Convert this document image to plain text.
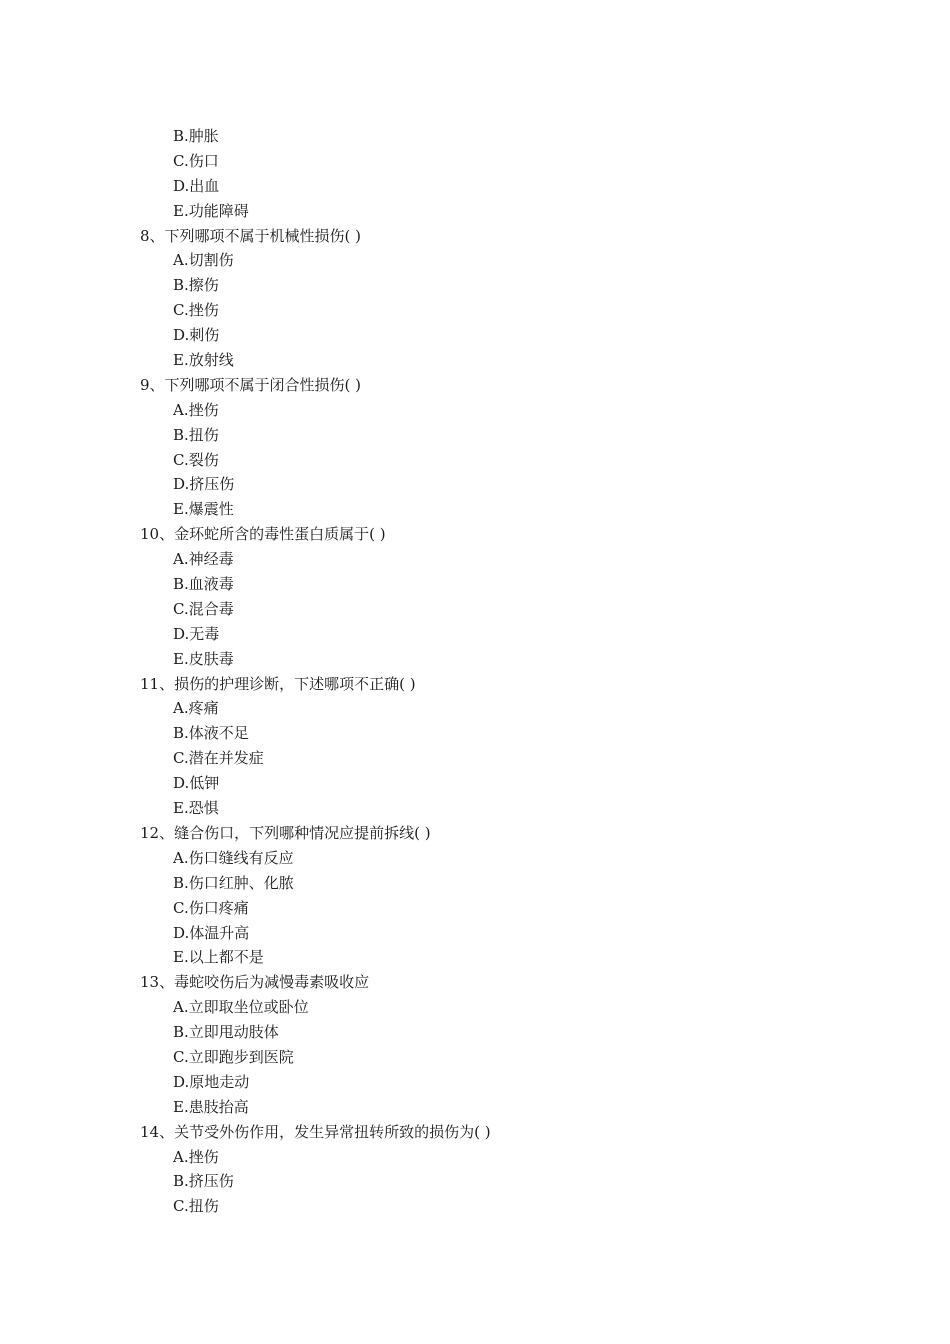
B.肿胀
C.伤口
D.出血
E.功能障碍
8、下列哪项不属于机械性损伤( )
A.切割伤
B.擦伤
C.挫伤
D.刺伤
E.放射线
9、下列哪项不属于闭合性损伤( )
A.挫伤
B.扭伤
C.裂伤
D.挤压伤
E.爆震性
10、金环蛇所含的毒性蛋白质属于( )
A.神经毒
B.血液毒
C.混合毒
D.无毒
E.皮肤毒
11、损伤的护理诊断，下述哪项不正确( )
A.疼痛
B.体液不足
C.潜在并发症
D.低钾
E.恐惧
12、缝合伤口，下列哪种情况应提前拆线( )
A.伤口缝线有反应
B.伤口红肿、化脓
C.伤口疼痛
D.体温升高
E.以上都不是
13、毒蛇咬伤后为减慢毒素吸收应
A.立即取坐位或卧位
B.立即甩动肢体
C.立即跑步到医院
D.原地走动
E.患肢抬高
14、关节受外伤作用，发生异常扭转所致的损伤为( )
A.挫伤
B.挤压伤
C.扭伤
